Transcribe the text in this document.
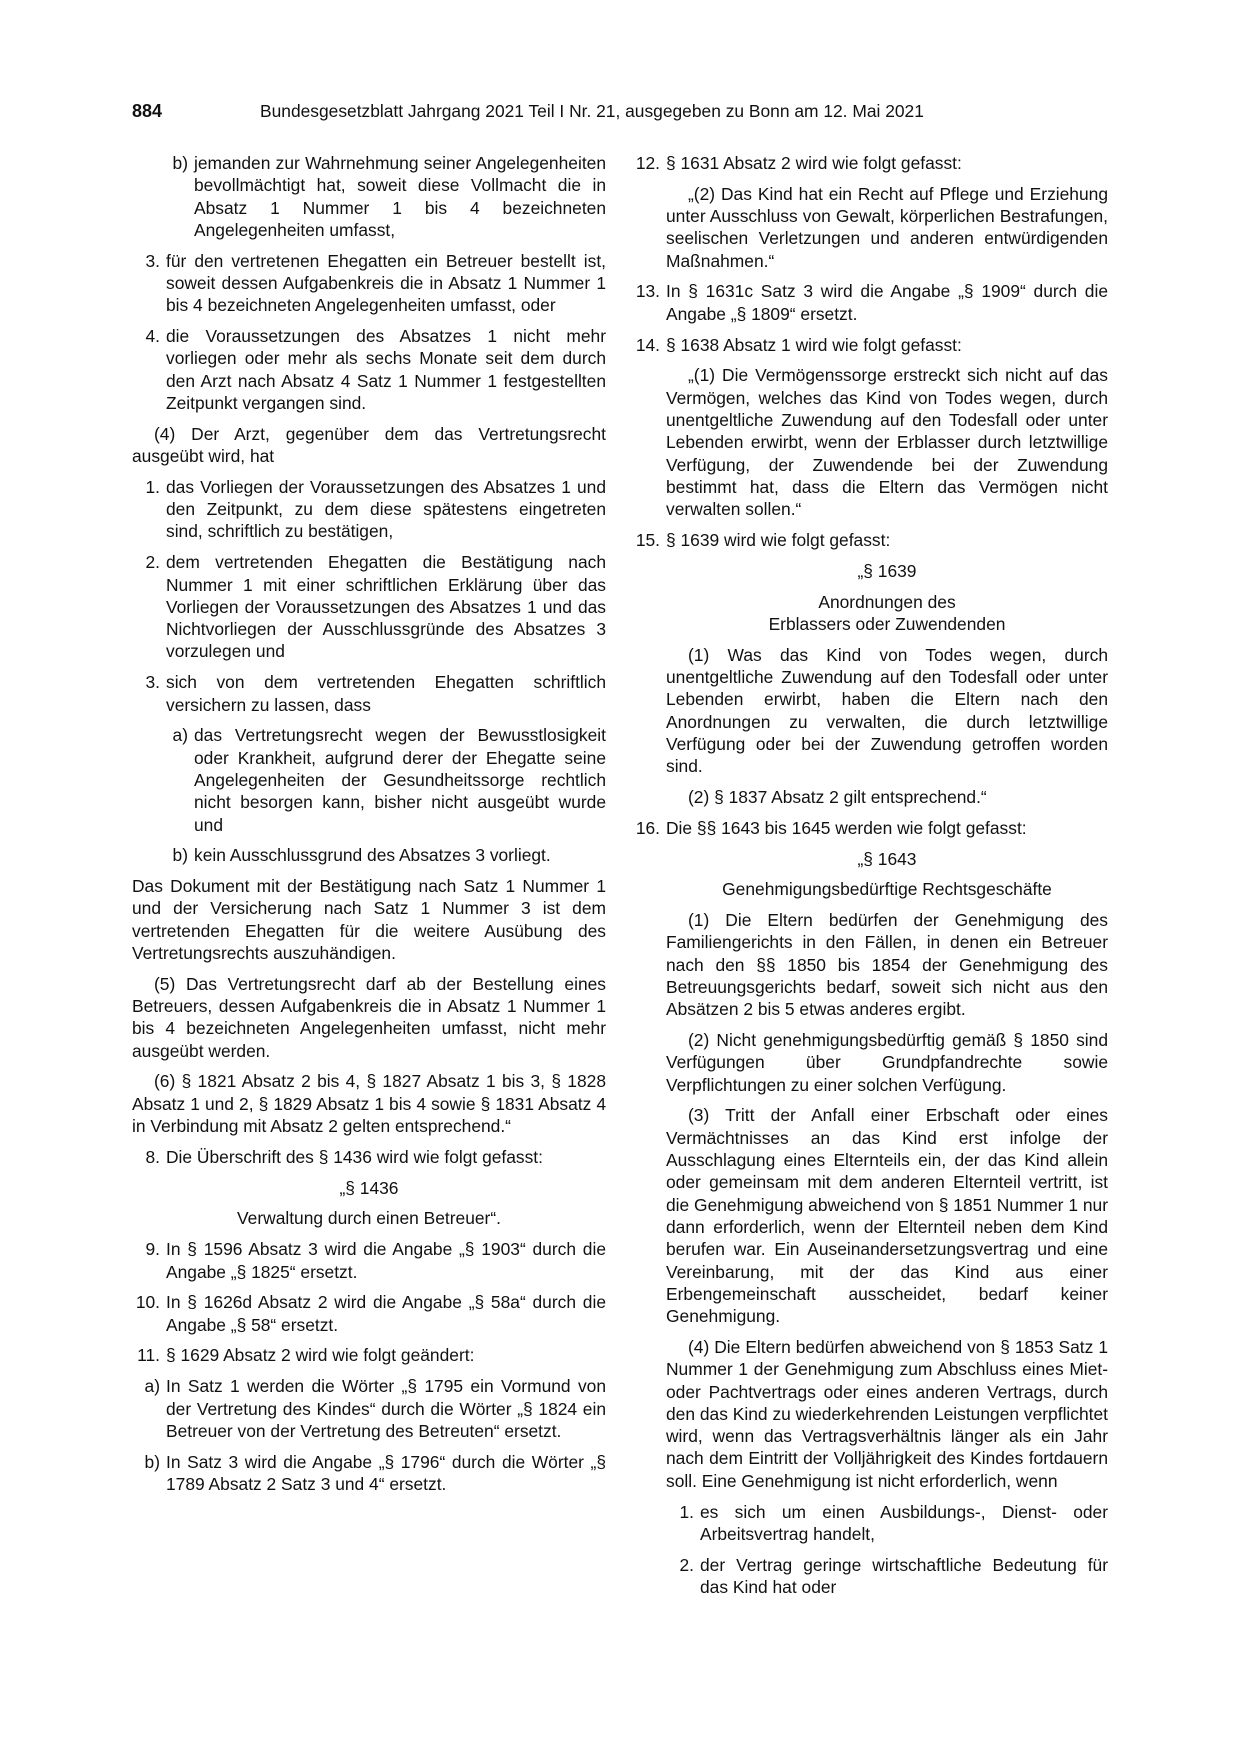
884	Bundesgesetzblatt Jahrgang 2021 Teil I Nr. 21, ausgegeben zu Bonn am 12. Mai 2021
b) jemanden zur Wahrnehmung seiner Angelegenheiten bevollmächtigt hat, soweit diese Vollmacht die in Absatz 1 Nummer 1 bis 4 bezeichneten Angelegenheiten umfasst,
3. für den vertretenen Ehegatten ein Betreuer bestellt ist, soweit dessen Aufgabenkreis die in Absatz 1 Nummer 1 bis 4 bezeichneten Angelegenheiten umfasst, oder
4. die Voraussetzungen des Absatzes 1 nicht mehr vorliegen oder mehr als sechs Monate seit dem durch den Arzt nach Absatz 4 Satz 1 Nummer 1 festgestellten Zeitpunkt vergangen sind.

(4) Der Arzt, gegenüber dem das Vertretungsrecht ausgeübt wird, hat

1. das Vorliegen der Voraussetzungen des Absatzes 1 und den Zeitpunkt, zu dem diese spätestens eingetreten sind, schriftlich zu bestätigen,
2. dem vertretenden Ehegatten die Bestätigung nach Nummer 1 mit einer schriftlichen Erklärung über das Vorliegen der Voraussetzungen des Absatzes 1 und das Nichtvorliegen der Ausschlussgründe des Absatzes 3 vorzulegen und
3. sich von dem vertretenden Ehegatten schriftlich versichern zu lassen, dass
a) das Vertretungsrecht wegen der Bewusstlosigkeit oder Krankheit, aufgrund derer der Ehegatte seine Angelegenheiten der Gesundheitssorge rechtlich nicht besorgen kann, bisher nicht ausgeübt wurde und
b) kein Ausschlussgrund des Absatzes 3 vorliegt.

Das Dokument mit der Bestätigung nach Satz 1 Nummer 1 und der Versicherung nach Satz 1 Nummer 3 ist dem vertretenden Ehegatten für die weitere Ausübung des Vertretungsrechts auszuhändigen.

(5) Das Vertretungsrecht darf ab der Bestellung eines Betreuers, dessen Aufgabenkreis die in Absatz 1 Nummer 1 bis 4 bezeichneten Angelegenheiten umfasst, nicht mehr ausgeübt werden.

(6) § 1821 Absatz 2 bis 4, § 1827 Absatz 1 bis 3, § 1828 Absatz 1 und 2, § 1829 Absatz 1 bis 4 sowie § 1831 Absatz 4 in Verbindung mit Absatz 2 gelten entsprechend.“

8. Die Überschrift des § 1436 wird wie folgt gefasst:

„§ 1436

Verwaltung durch einen Betreuer“.

9. In § 1596 Absatz 3 wird die Angabe „§ 1903“ durch die Angabe „§ 1825“ ersetzt.
10. In § 1626d Absatz 2 wird die Angabe „§ 58a“ durch die Angabe „§ 58“ ersetzt.
11. § 1629 Absatz 2 wird wie folgt geändert:
a) In Satz 1 werden die Wörter „§ 1795 ein Vormund von der Vertretung des Kindes“ durch die Wörter „§ 1824 ein Betreuer von der Vertretung des Betreuten“ ersetzt.
b) In Satz 3 wird die Angabe „§ 1796“ durch die Wörter „§ 1789 Absatz 2 Satz 3 und 4“ ersetzt.
12. § 1631 Absatz 2 wird wie folgt gefasst:

„(2) Das Kind hat ein Recht auf Pflege und Erziehung unter Ausschluss von Gewalt, körperlichen Bestrafungen, seelischen Verletzungen und anderen entwürdigenden Maßnahmen.“

13. In § 1631c Satz 3 wird die Angabe „§ 1909“ durch die Angabe „§ 1809“ ersetzt.
14. § 1638 Absatz 1 wird wie folgt gefasst:

„(1) Die Vermögenssorge erstreckt sich nicht auf das Vermögen, welches das Kind von Todes wegen, durch unentgeltliche Zuwendung auf den Todesfall oder unter Lebenden erwirbt, wenn der Erblasser durch letztwillige Verfügung, der Zuwendende bei der Zuwendung bestimmt hat, dass die Eltern das Vermögen nicht verwalten sollen.“

15. § 1639 wird wie folgt gefasst:

„§ 1639

Anordnungen des

Erblassers oder Zuwendenden

(1) Was das Kind von Todes wegen, durch unentgeltliche Zuwendung auf den Todesfall oder unter Lebenden erwirbt, haben die Eltern nach den Anordnungen zu verwalten, die durch letztwillige Verfügung oder bei der Zuwendung getroffen worden sind.

(2) § 1837 Absatz 2 gilt entsprechend.“

16. Die §§ 1643 bis 1645 werden wie folgt gefasst:

„§ 1643

Genehmigungsbedürftige Rechtsgeschäfte

(1) Die Eltern bedürfen der Genehmigung des Familiengerichts in den Fällen, in denen ein Betreuer nach den §§ 1850 bis 1854 der Genehmigung des Betreuungsgerichts bedarf, soweit sich nicht aus den Absätzen 2 bis 5 etwas anderes ergibt.

(2) Nicht genehmigungsbedürftig gemäß § 1850 sind Verfügungen über Grundpfandrechte sowie Verpflichtungen zu einer solchen Verfügung.

(3) Tritt der Anfall einer Erbschaft oder eines Vermächtnisses an das Kind erst infolge der Ausschlagung eines Elternteils ein, der das Kind allein oder gemeinsam mit dem anderen Elternteil vertritt, ist die Genehmigung abweichend von § 1851 Nummer 1 nur dann erforderlich, wenn der Elternteil neben dem Kind berufen war. Ein Auseinandersetzungsvertrag und eine Vereinbarung, mit der das Kind aus einer Erbengemeinschaft ausscheidet, bedarf keiner Genehmigung.

(4) Die Eltern bedürfen abweichend von § 1853 Satz 1 Nummer 1 der Genehmigung zum Abschluss eines Miet- oder Pachtvertrags oder eines anderen Vertrags, durch den das Kind zu wiederkehrenden Leistungen verpflichtet wird, wenn das Vertragsverhältnis länger als ein Jahr nach dem Eintritt der Volljährigkeit des Kindes fortdauern soll. Eine Genehmigung ist nicht erforderlich, wenn

1. es sich um einen Ausbildungs-, Dienst- oder Arbeitsvertrag handelt,
2. der Vertrag geringe wirtschaftliche Bedeutung für das Kind hat oder
